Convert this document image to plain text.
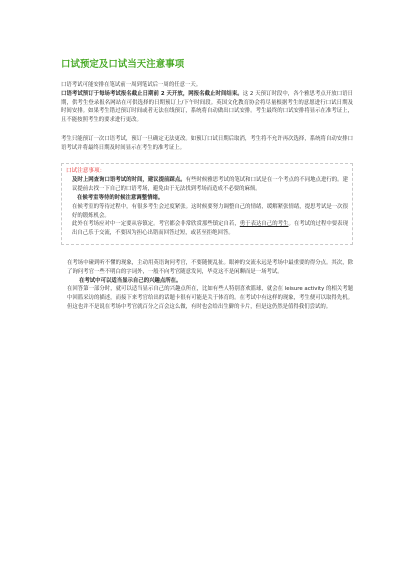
口试预定及口试当天注意事项

口语考试可能安排在笔试前一周到笔试后一周的任意一天。

口语考试预订于每场考试报名截止日期前 2 天开放，网报名截止时间结束。这 2 天预订时段中，各个雅思考点开放口语日期，供考生登录报名网站在可供选择的日期预订上/下午时间段。英国文化教育协会将尽量根据考生的意愿进行口试日期及时间安排。如果考生错过预订时间或者无法在线预订，系统将自动做出口试安排。考生最终的口试安排将显示在准考证上，且不能按照考生的要求进行更改。

考生只能预订一次口语考试，预订一旦确定无法更改。如预订口试日期后取消，考生将不允许再次选择，系统将自动安排口语考试并将最终日期及时间显示在考生的准考证上。

口试注意事项：

及时上网查询口语考试的时间，建议提前踩点。有些时候雅思考试的笔试和口试是在一个考点的不同地点进行的。建议提前去找一下自己的口语考场，避免由于无法找到考场而造成不必要的麻烦。

在候考室等待的时候注意调整情绪。

在候考室的等待过程中，有很多考生会过度紧张。这时候要努力调整自己的情绪，缓解紧张情绪，提思考试是一次很好的锻炼机会。

此外在考场应对中一定要从容镇定。考官都会非常欣赏那些镇定自若，勇于表达自己的考生。在考试的过程中要表现出自己乐于交流，不要因为担心出错而回答过短，或甚至拒绝回答。

在考场中碰到听不懂的现象，主动用英语询问考官，不要随便乱扯。眼神的交流永远是考场中最重要的得分点。其次，除了询问考官一些不明白的字词外，一般不向考官随意发问，毕竟这不是闲聊而是一场考试。

在考试中可以适当显示自己的兴趣点所在。

在回答第一部分时，就可以适当显示自己的兴趣点所在，比如有些人特别喜欢篮球，就会在 leisure activity 的相关考题中回篮采访的描述，而接下来考官给出的话题卡很有可能是关于体育的。在考试中有这样的现象，考生便可以取得先机。但这也并不是说在考场中考官就百分之百会这么做，有时也会给出生僻的卡片，但是这仍然是值得我们尝试的。
